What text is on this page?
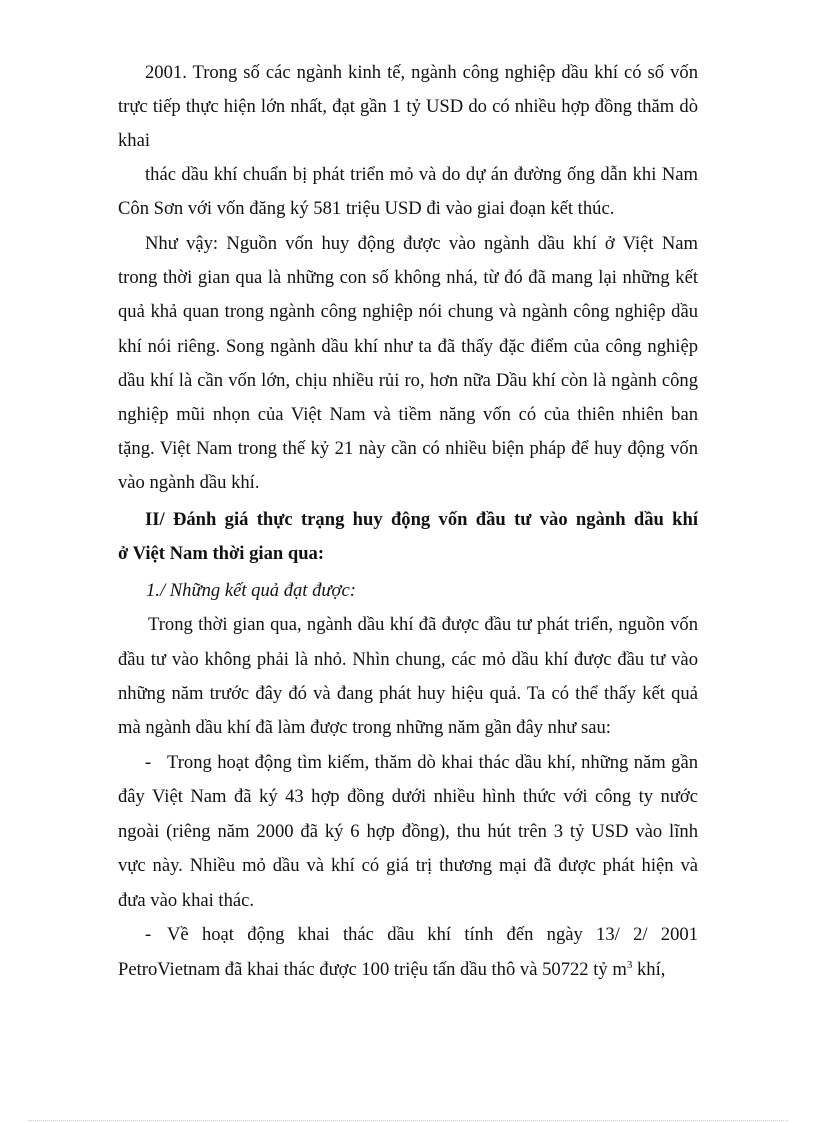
2001. Trong số các ngành kinh tế, ngành công nghiệp dầu khí có số vốn
trực tiếp thực hiện lớn nhất, đạt gần 1 tỷ USD do có nhiều hợp đồng thăm dò
khai
thác dầu khí chuẩn bị phát triển mỏ và do dự án đường ống dẫn khi Nam
Côn Sơn với vốn đăng ký 581 triệu USD đi vào giai đoạn kết thúc.
Như vậy: Nguồn vốn huy động được vào ngành dầu khí ở Việt Nam
trong thời gian qua là những con số không nhá, từ đó đã mang lại những kết
quả khả quan trong ngành công nghiệp nói chung và ngành công nghiệp dầu
khí nói riêng. Song ngành dầu khí như ta đã thấy đặc điểm của công nghiệp
dầu khí là cần vốn lớn, chịu nhiều rủi ro, hơn nữa Dầu khí còn là ngành công
nghiệp mũi nhọn của Việt Nam và tiềm năng vốn có của thiên nhiên ban
tặng. Việt Nam trong thế kỷ 21 này cần có nhiều biện pháp để huy động vốn
vào ngành dầu khí.
II/ Đánh giá thực trạng huy động vốn đầu tư vào ngành dầu khí
ở Việt Nam thời gian qua:
1./ Những kết quả đạt được:
Trong thời gian qua, ngành dầu khí đã được đầu tư phát triển, nguồn vốn
đầu tư vào không phải là nhỏ. Nhìn chung, các mỏ dầu khí được đầu tư vào
những năm trước đây đó và đang phát huy hiệu quả. Ta có thể thấy kết quả
mà ngành dầu khí đã làm được trong những năm gần đây như sau:
- Trong hoạt động tìm kiếm, thăm dò khai thác dầu khí, những năm gần
đây Việt Nam đã ký 43 hợp đồng dưới nhiều hình thức với công ty nước
ngoài (riêng năm 2000 đã ký 6 hợp đồng), thu hút trên 3 tỷ USD vào lĩnh
vực này. Nhiều mỏ dầu và khí có giá trị thương mại đã được phát hiện và
đưa vào khai thác.
- Về hoạt động khai thác dầu khí tính đến ngày 13/ 2/ 2001
PetroVietnam đã khai thác được 100 triệu tấn dầu thô và 50722 tỷ $m^3$ khí,
